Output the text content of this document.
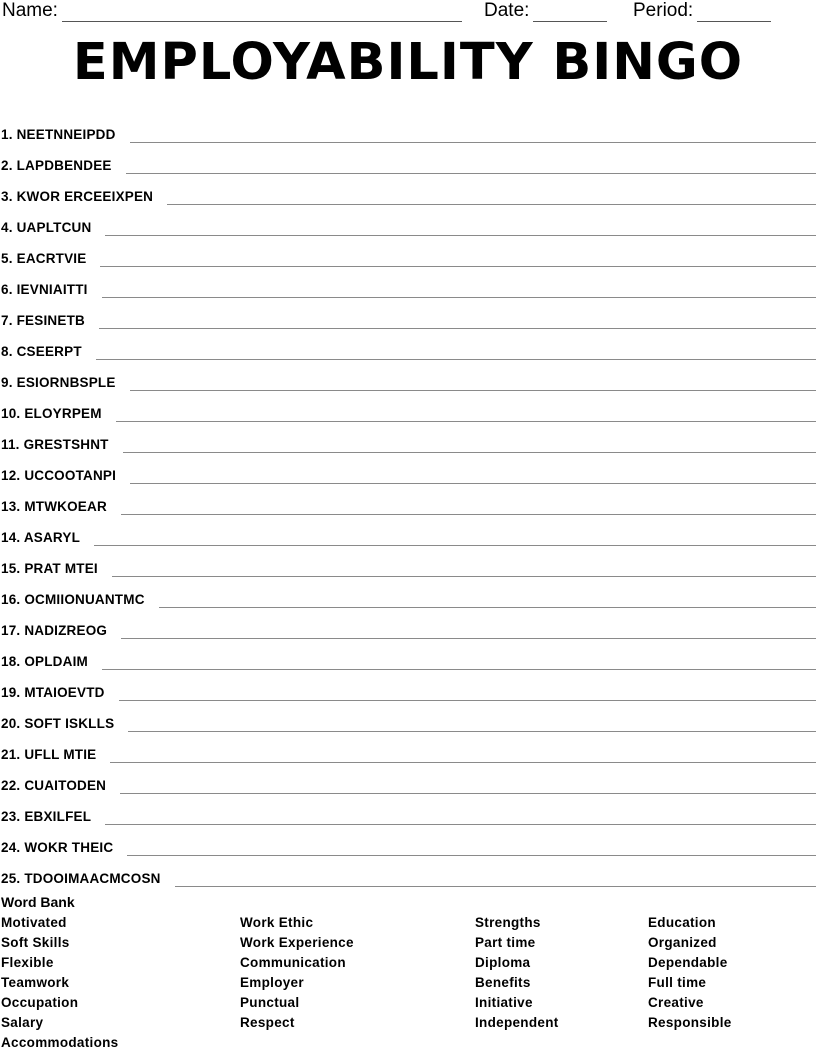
Name:	Date:	Period:
EMPLOYABILITY BINGO
1. NEETNNEIPDD
2. LAPDBENDEE
3. KWOR ERCEEIXPEN
4. UAPLTCUN
5. EACRTVIE
6. IEVNIAITTI
7. FESINETB
8. CSEERPT
9. ESIORNBSPLE
10. ELOYRPEM
11. GRESTSHNT
12. UCCOOTANPI
13. MTWKOEAR
14. ASARYL
15. PRAT MTEI
16. OCMIIONUANTMC
17. NADIZREOG
18. OPLDAIM
19. MTAIOEVTD
20. SOFT ISKLLS
21. UFLL MTIE
22. CUAITODEN
23. EBXILFEL
24. WOKR THEIC
25. TDOOIMAACMCOSN
Word Bank
Motivated
Soft Skills
Flexible
Teamwork
Occupation
Salary
Accommodations
Work Ethic
Work Experience
Communication
Employer
Punctual
Respect
Strengths
Part time
Diploma
Benefits
Initiative
Independent
Education
Organized
Dependable
Full time
Creative
Responsible
